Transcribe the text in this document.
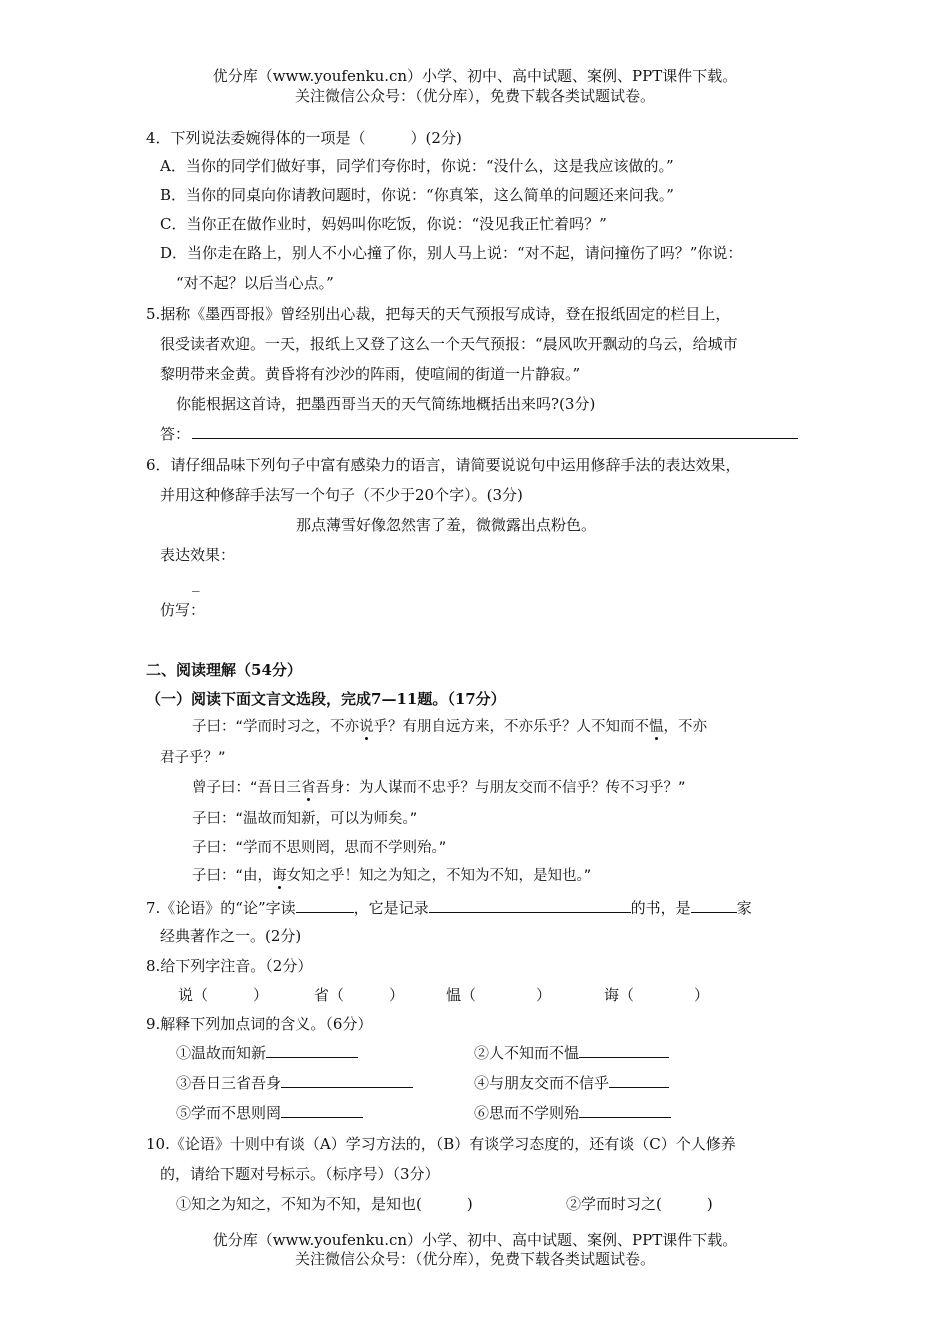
优分库（www.youfenku.cn）小学、初中、高中试题、案例、PPT课件下载。
关注微信公众号：（优分库），免费下载各类试题试卷。
4．下列说法委婉得体的一项是（　　　）(2分)
A．当你的同学们做好事，同学们夸你时，你说：“没什么，这是我应该做的。”
B．当你的同桌向你请教问题时，你说：“你真笨，这么简单的问题还来问我。”
C．当你正在做作业时，妈妈叫你吃饭，你说：“没见我正忙着吗？”
D．当你走在路上，别人不小心撞了你，别人马上说：“对不起，请问撞伤了吗？”你说：
“对不起？以后当心点。”
5.据称《墨西哥报》曾经别出心裁，把每天的天气预报写成诗，登在报纸固定的栏目上，
很受读者欢迎。一天，报纸上又登了这么一个天气预报：“晨风吹开飘动的乌云，给城市
黎明带来金黄。黄昏将有沙沙的阵雨，使喧闹的街道一片静寂。”
你能根据这首诗，把墨西哥当天的天气简练地概括出来吗?(3分)
答：
6．请仔细品味下列句子中富有感染力的语言，请简要说说句中运用修辞手法的表达效果，
并用这种修辞手法写一个句子（不少于20个字）。(3分)
那点薄雪好像忽然害了羞，微微露出点粉色。
表达效果：
_
仿写：
二、阅读理解（54分）
（一）阅读下面文言文选段，完成7—11题。（17分）
子曰：“学而时习之，不亦说乎？有朋自远方来，不亦乐乎？人不知而不愠，不亦
君子乎？”
曾子曰：“吾日三省吾身：为人谋而不忠乎？与朋友交而不信乎？传不习乎？”
子曰：“温故而知新，可以为师矣。”
子曰：“学而不思则罔，思而不学则殆。”
子曰：“由，诲女知之乎！知之为知之，不知为不知，是知也。”
7.《论语》的“论”字读	，它是记录	的书，是	家
经典著作之一。(2分)
8.给下列字注音。（2分）
说（　　　）	省（　　　）	愠（　　　　）	诲（　　　　）
9.解释下列加点词的含义。（6分）
①温故而知新	②人不知而不愠
③吾日三省吾身	④与朋友交而不信乎
⑤学而不思则罔	⑥思而不学则殆
10.《论语》十则中有谈（A）学习方法的，（B）有谈学习态度的，还有谈（C）个人修养
的，请给下题对号标示。（标序号）（3分）
①知之为知之，不知为不知，是知也(　　　)	②学而时习之(　　　)
优分库（www.youfenku.cn）小学、初中、高中试题、案例、PPT课件下载。
关注微信公众号：（优分库），免费下载各类试题试卷。
